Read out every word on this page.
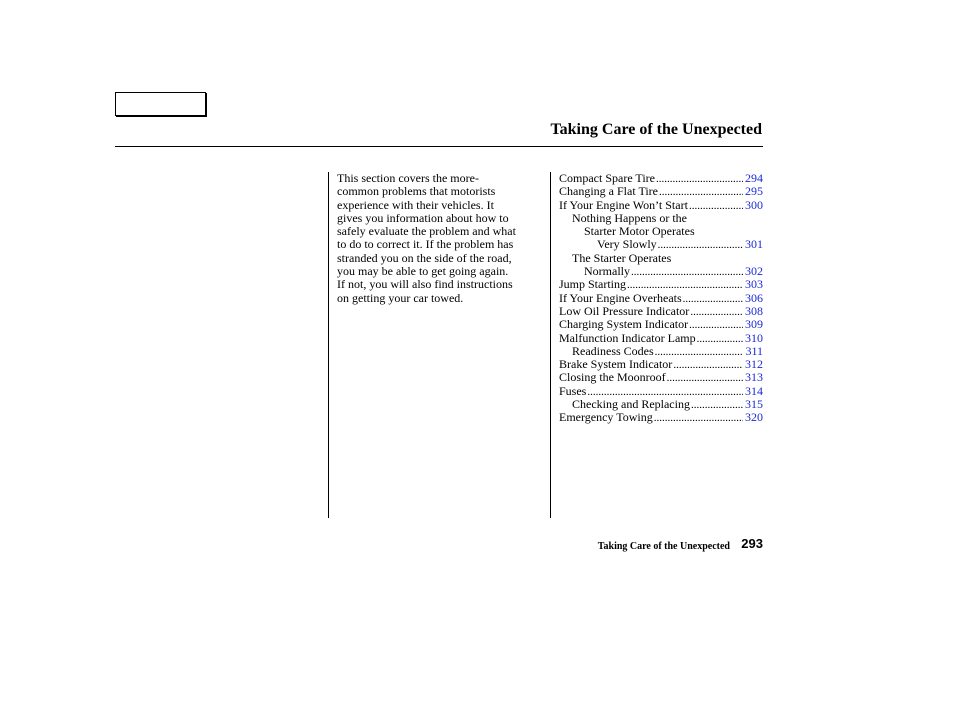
Taking Care of the Unexpected
This section covers the more-
common problems that motorists
experience with their vehicles. It
gives you information about how to
safely evaluate the problem and what
to do to correct it. If the problem has
stranded you on the side of the road,
you may be able to get going again.
If not, you will also find instructions
on getting your car towed.
Compact Spare Tire .....	294
Changing a Flat Tire .....	295
If Your Engine Won’t Start .....	300
Nothing Happens or the
Starter Motor Operates
Very Slowly .....	301
The Starter Operates
Normally .....	302
Jump Starting .....	303
If Your Engine Overheats .....	306
Low Oil Pressure Indicator .....	308
Charging System Indicator .....	309
Malfunction Indicator Lamp .....	310
Readiness Codes .....	311
Brake System Indicator .....	312
Closing the Moonroof .....	313
Fuses .....	314
Checking and Replacing .....	315
Emergency Towing .....	320
Taking Care of the Unexpected 293
